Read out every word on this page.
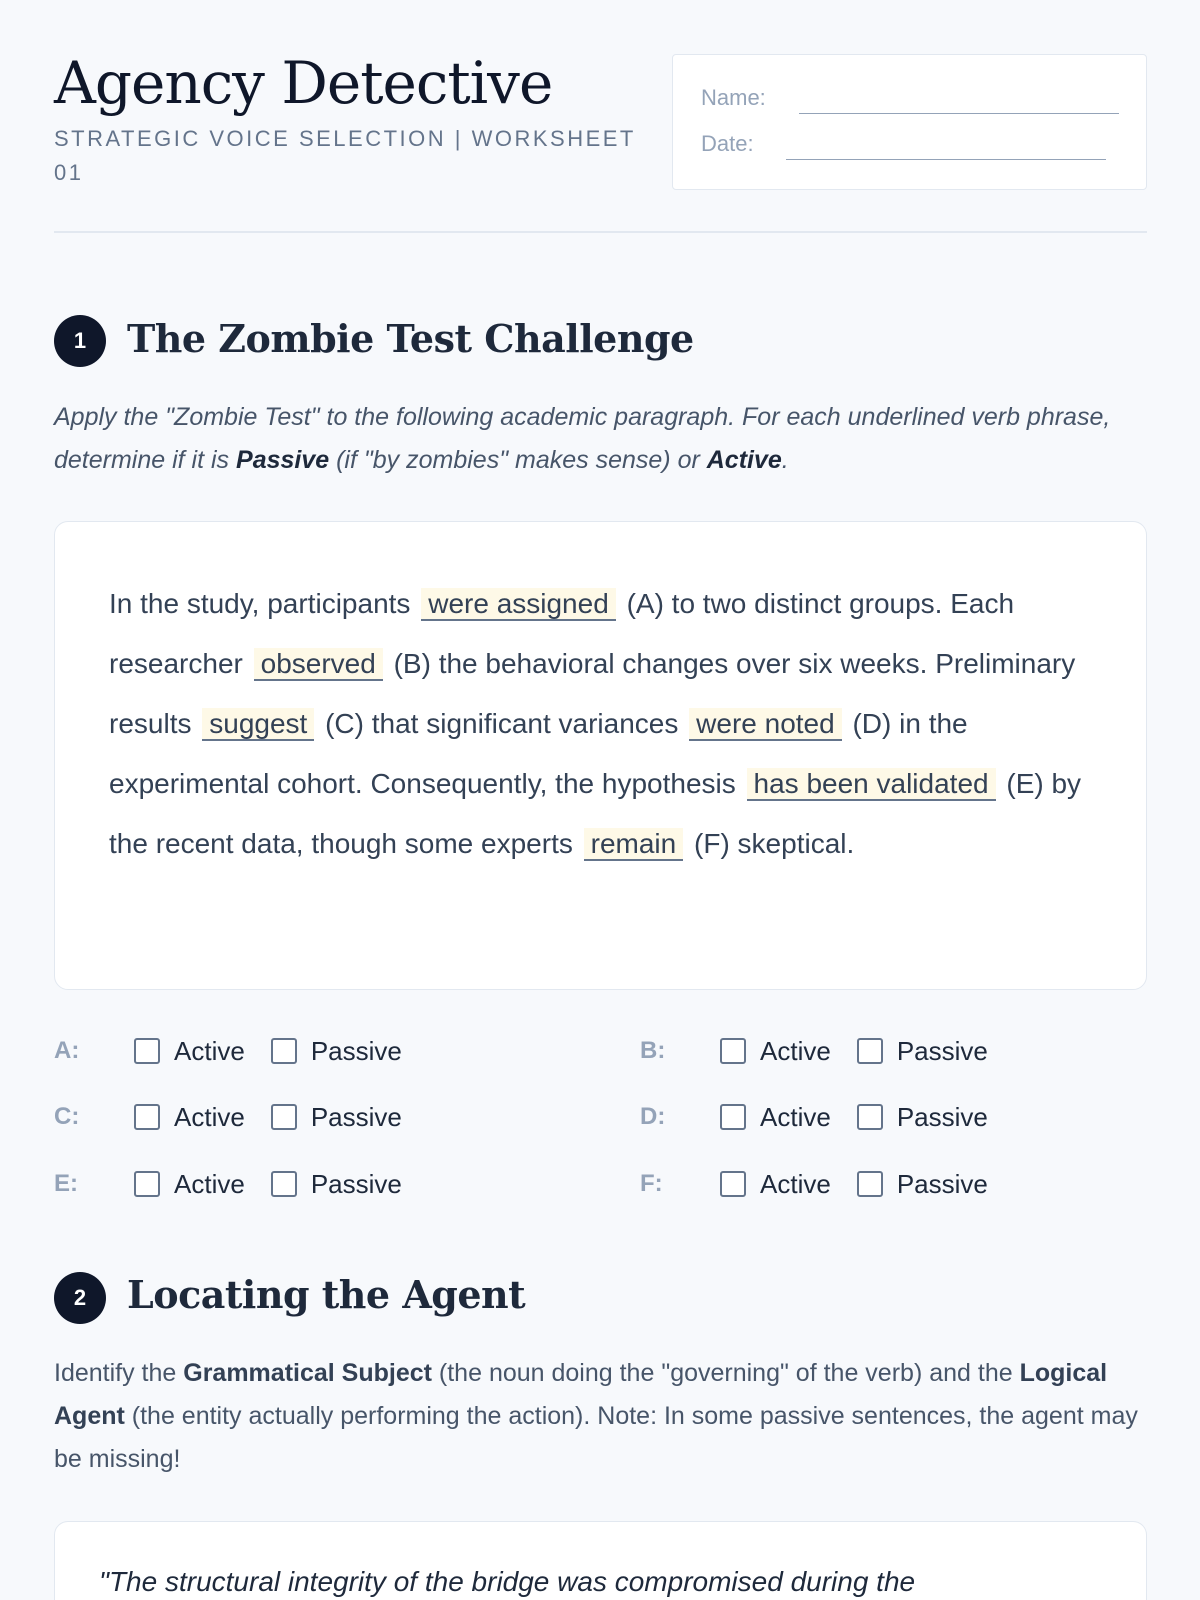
Agency Detective
STRATEGIC VOICE SELECTION | WORKSHEET 01
Name:
Date:
1	The Zombie Test Challenge

Apply the "Zombie Test" to the following academic paragraph. For each underlined verb phrase, determine if it is Passive (if "by zombies" makes sense) or Active.

In the study, participants were assigned (A) to two distinct groups. Each researcher observed (B) the behavioral changes over six weeks. Preliminary results suggest (C) that significant variances were noted (D) in the experimental cohort. Consequently, the hypothesis has been validated (E) by the recent data, though some experts remain (F) skeptical.

A:	Active	Passive	B:	Active	Passive
C:	Active	Passive	D:	Active	Passive
E:	Active	Passive	F:	Active	Passive
2	Locating the Agent

Identify the Grammatical Subject (the noun doing the "governing" of the verb) and the Logical Agent (the entity actually performing the action). Note: In some passive sentences, the agent may be missing!

"The structural integrity of the bridge was compromised during the
